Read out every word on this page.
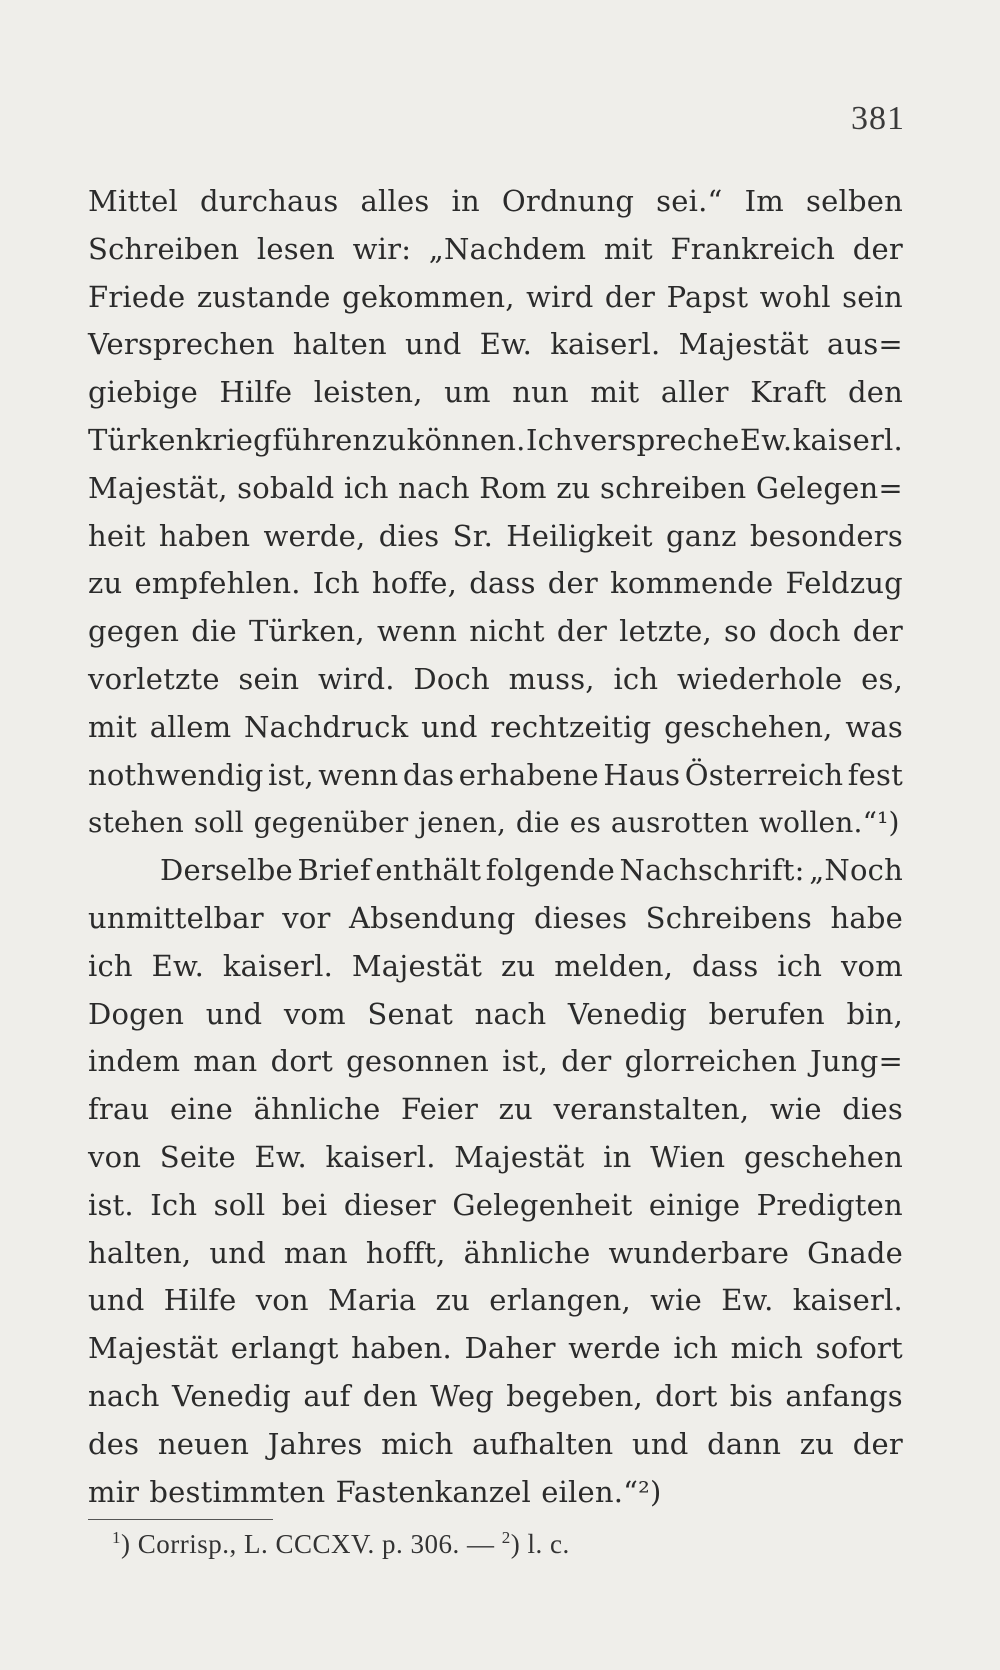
381
Mittel durchaus alles in Ordnung sei.“ Im selben
Schreiben lesen wir: „Nachdem mit Frankreich der
Friede zustande gekommen, wird der Papst wohl sein
Versprechen halten und Ew. kaiserl. Majestät aus=
giebige Hilfe leisten, um nun mit aller Kraft den
Türkenkrieg führen zu können. Ich verspreche Ew. kaiserl.
Majestät, sobald ich nach Rom zu schreiben Gelegen=
heit haben werde, dies Sr. Heiligkeit ganz besonders
zu empfehlen. Ich hoffe, dass der kommende Feldzug
gegen die Türken, wenn nicht der letzte, so doch der
vorletzte sein wird. Doch muss, ich wiederhole es,
mit allem Nachdruck und rechtzeitig geschehen, was
nothwendig ist, wenn das erhabene Haus Österreich fest
stehen soll gegenüber jenen, die es ausrotten wollen.“¹)
Derselbe Brief enthält folgende Nachschrift: „Noch
unmittelbar vor Absendung dieses Schreibens habe
ich Ew. kaiserl. Majestät zu melden, dass ich vom
Dogen und vom Senat nach Venedig berufen bin,
indem man dort gesonnen ist, der glorreichen Jung=
frau eine ähnliche Feier zu veranstalten, wie dies
von Seite Ew. kaiserl. Majestät in Wien geschehen
ist. Ich soll bei dieser Gelegenheit einige Predigten
halten, und man hofft, ähnliche wunderbare Gnade
und Hilfe von Maria zu erlangen, wie Ew. kaiserl.
Majestät erlangt haben. Daher werde ich mich sofort
nach Venedig auf den Weg begeben, dort bis anfangs
des neuen Jahres mich aufhalten und dann zu der
mir bestimmten Fastenkanzel eilen.“²)
$^1$) Corrisp., L. CCCXV. p. 306. — $^2$) l. c.
